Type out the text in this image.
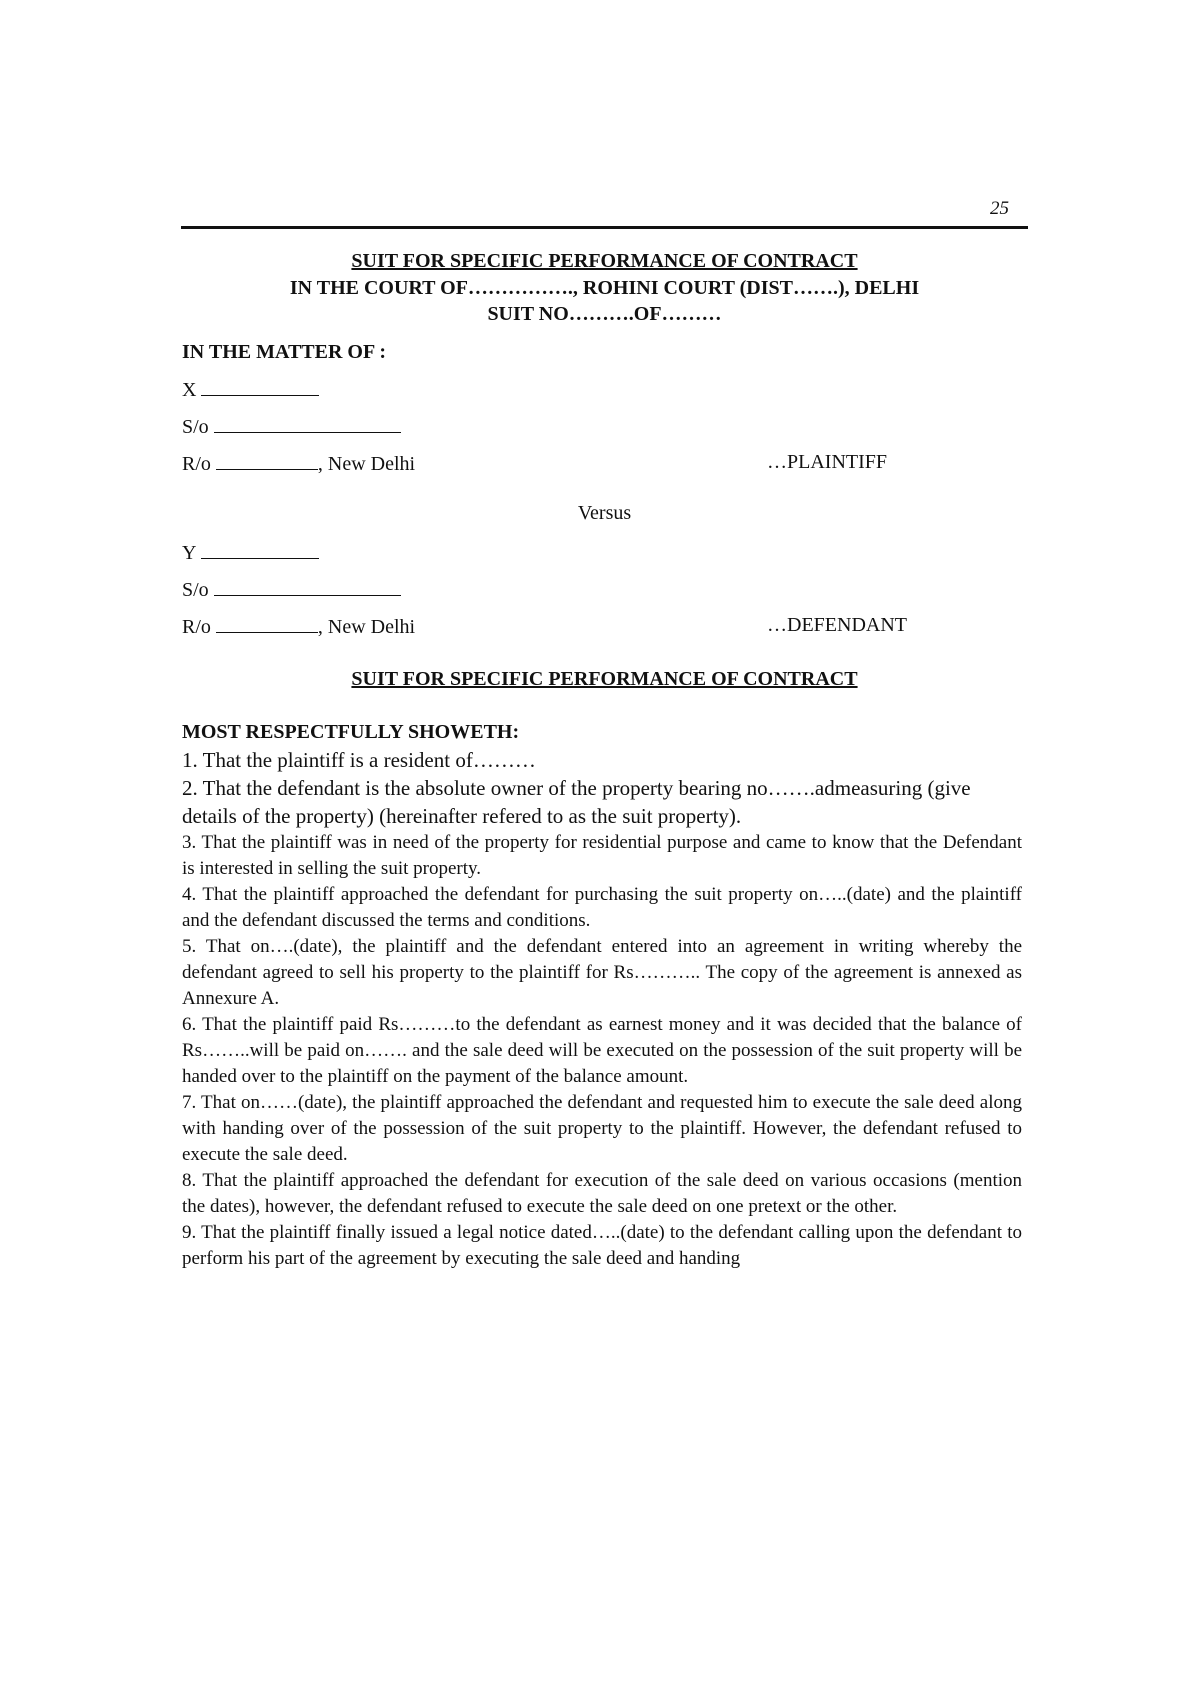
25
SUIT FOR SPECIFIC PERFORMANCE OF CONTRACT
IN THE COURT OF……………., ROHINI COURT (DIST…….), DELHI
SUIT NO……….OF………
IN THE MATTER OF :
X
S/o
R/o	, New Delhi	…PLAINTIFF
Versus
Y
S/o
R/o	, New Delhi	…DEFENDANT
SUIT FOR SPECIFIC PERFORMANCE OF CONTRACT

MOST RESPECTFULLY SHOWETH:

1. That the plaintiff is a resident of………

2. That the defendant is the absolute owner of the property bearing no…….admeasuring (give details of the property) (hereinafter refered to as the suit property).

3. That the plaintiff was in need of the property for residential purpose and came to know that the Defendant is interested in selling the suit property.

4. That the plaintiff approached the defendant for purchasing the suit property on…..(date) and the plaintiff and the defendant discussed the terms and conditions.

5. That on….(date), the plaintiff and the defendant entered into an agreement in writing whereby the defendant agreed to sell his property to the plaintiff for Rs……….. The copy of the agreement is annexed as Annexure A.

6. That the plaintiff paid Rs………to the defendant as earnest money and it was decided that the balance of Rs……..will be paid on……. and the sale deed will be executed on the possession of the suit property will be handed over to the plaintiff on the payment of the balance amount.

7. That on……(date), the plaintiff approached the defendant and requested him to execute the sale deed along with handing over of the possession of the suit property to the plaintiff. However, the defendant refused to execute the sale deed.

8. That the plaintiff approached the defendant for execution of the sale deed on various occasions (mention the dates), however, the defendant refused to execute the sale deed on one pretext or the other.

9. That the plaintiff finally issued a legal notice dated…..(date) to the defendant calling upon the defendant to perform his part of the agreement by executing the sale deed and handing
